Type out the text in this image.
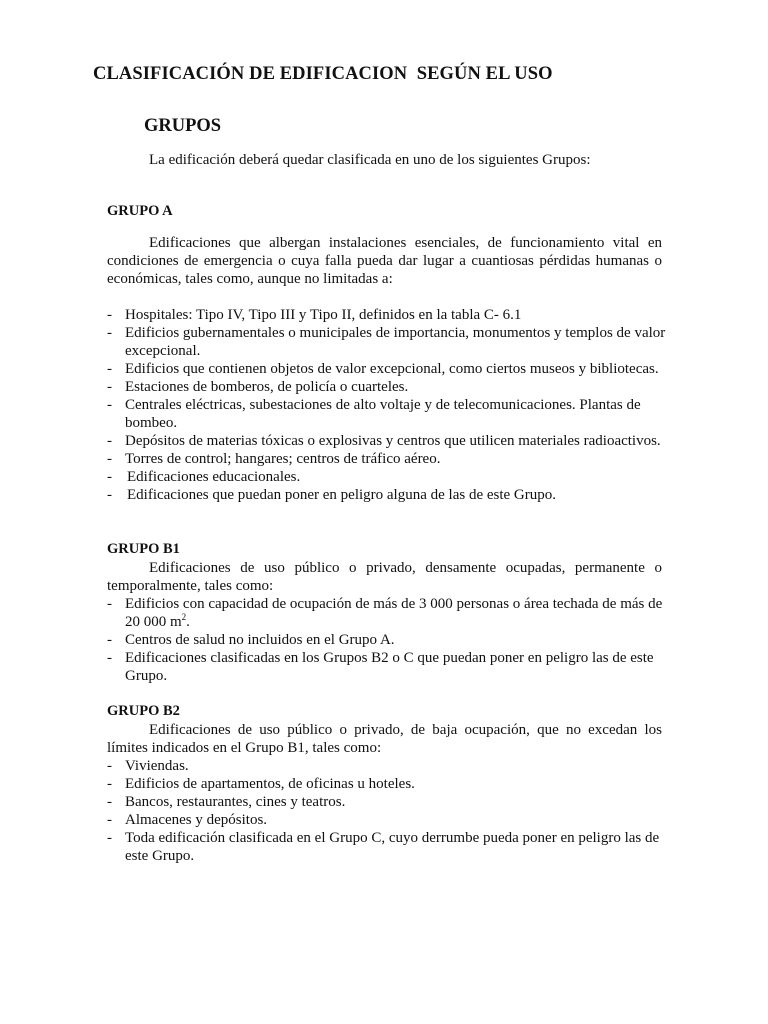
CLASIFICACIÓN DE EDIFICACION  SEGÚN EL USO
GRUPOS
La edificación deberá quedar clasificada en uno de los siguientes Grupos:
GRUPO A
Edificaciones que albergan instalaciones esenciales, de funcionamiento vital en condiciones de emergencia o cuya falla pueda dar lugar a cuantiosas pérdidas humanas o económicas, tales como, aunque no limitadas a:
- Hospitales: Tipo IV, Tipo III y Tipo II, definidos en la tabla C- 6.1
- Edificios gubernamentales o municipales de importancia, monumentos y templos de valor excepcional.
- Edificios que contienen objetos de valor excepcional, como ciertos museos y bibliotecas.
- Estaciones de bomberos, de policía o cuarteles.
- Centrales eléctricas, subestaciones de alto voltaje y de telecomunicaciones. Plantas de bombeo.
- Depósitos de materias tóxicas o explosivas y centros que utilicen materiales radioactivos.
- Torres de control; hangares; centros de tráfico aéreo.
- Edificaciones educacionales.
- Edificaciones que puedan poner en peligro alguna de las de este Grupo.
GRUPO B1
Edificaciones de uso público o privado, densamente ocupadas, permanente o temporalmente, tales como:
- Edificios con capacidad de ocupación de más de 3 000 personas o área techada de más de 20 000 $m^2$.
- Centros de salud no incluidos en el Grupo A.
- Edificaciones clasificadas en los Grupos B2 o C que puedan poner en peligro las de este Grupo.
GRUPO B2
Edificaciones de uso público o privado, de baja ocupación, que no excedan los límites indicados en el Grupo B1, tales como:
- Viviendas.
- Edificios de apartamentos, de oficinas u hoteles.
- Bancos, restaurantes, cines y teatros.
- Almacenes y depósitos.
- Toda edificación clasificada en el Grupo C, cuyo derrumbe pueda poner en peligro las de este Grupo.
